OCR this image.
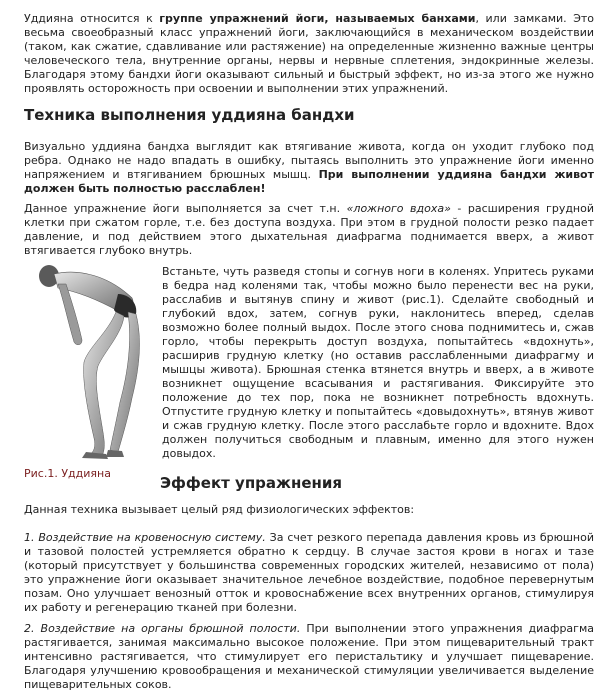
Уддияна относится к группе упражнений йоги, называемых банхами, или замками. Это весьма своеобразный класс упражнений йоги, заключающийся в механическом воздействии (таком, как сжатие, сдавливание или растяжение) на определенные жизненно важные центры человеческого тела, внутренние органы, нервы и нервные сплетения, эндокринные железы. Благодаря этому бандхи йоги оказывают сильный и быстрый эффект, но из-за этого же нужно проявлять осторожность при освоении и выполнении этих упражнений.

Техника выполнения уддияна бандхи

Визуально уддияна бандха выглядит как втягивание живота, когда он уходит глубоко под ребра. Однако не надо впадать в ошибку, пытаясь выполнить это упражнение йоги именно напряжением и втягиванием брюшных мышц. При выполнении уддияна бандхи живот должен быть полностью расслаблен!

Данное упражнение йоги выполняется за счет т.н. «ложного вдоха» - расширения грудной клетки при сжатом горле, т.е. без доступа воздуха. При этом в грудной полости резко падает давление, и под действием этого дыхательная диафрагма поднимается вверх, а живот втягивается глубоко внутрь.

Рис.1. Уддияна

Встаньте, чуть разведя стопы и согнув ноги в коленях. Упритесь руками в бедра над коленями так, чтобы можно было перенести вес на руки, расслабив и вытянув спину и живот (рис.1). Сделайте свободный и глубокий вдох, затем, согнув руки, наклонитесь вперед, сделав возможно более полный выдох. После этого снова поднимитесь и, сжав горло, чтобы перекрыть доступ воздуха, попытайтесь «вдохнуть», расширив грудную клетку (но оставив расслабленными диафрагму и мышцы живота). Брюшная стенка втянется внутрь и вверх, а в животе возникнет ощущение всасывания и растягивания. Фиксируйте это положение до тех пор, пока не возникнет потребность вдохнуть. Отпустите грудную клетку и попытайтесь «довыдохнуть», втянув живот и сжав грудную клетку. После этого расслабьте горло и вдохните. Вдох должен получиться свободным и плавным, именно для этого нужен довыдох.

Эффект упражнения

Данная техника вызывает целый ряд физиологических эффектов:

1. Воздействие на кровеносную систему. За счет резкого перепада давления кровь из брюшной и тазовой полостей устремляется обратно к сердцу. В случае застоя крови в ногах и тазе (который присутствует у большинства современных городских жителей, независимо от пола) это упражнение йоги оказывает значительное лечебное воздействие, подобное перевернутым позам. Оно улучшает венозный отток и кровоснабжение всех внутренних органов, стимулируя их работу и регенерацию тканей при болезни.

2. Воздействие на органы брюшной полости. При выполнении этого упражнения диафрагма растягивается, занимая максимально высокое положение. При этом пищеварительный тракт интенсивно растягивается, что стимулирует его перистальтику и улучшает пищеварение. Благодаря улучшению кровообращения и механической стимуляции увеличивается выделение пищеварительных соков.
